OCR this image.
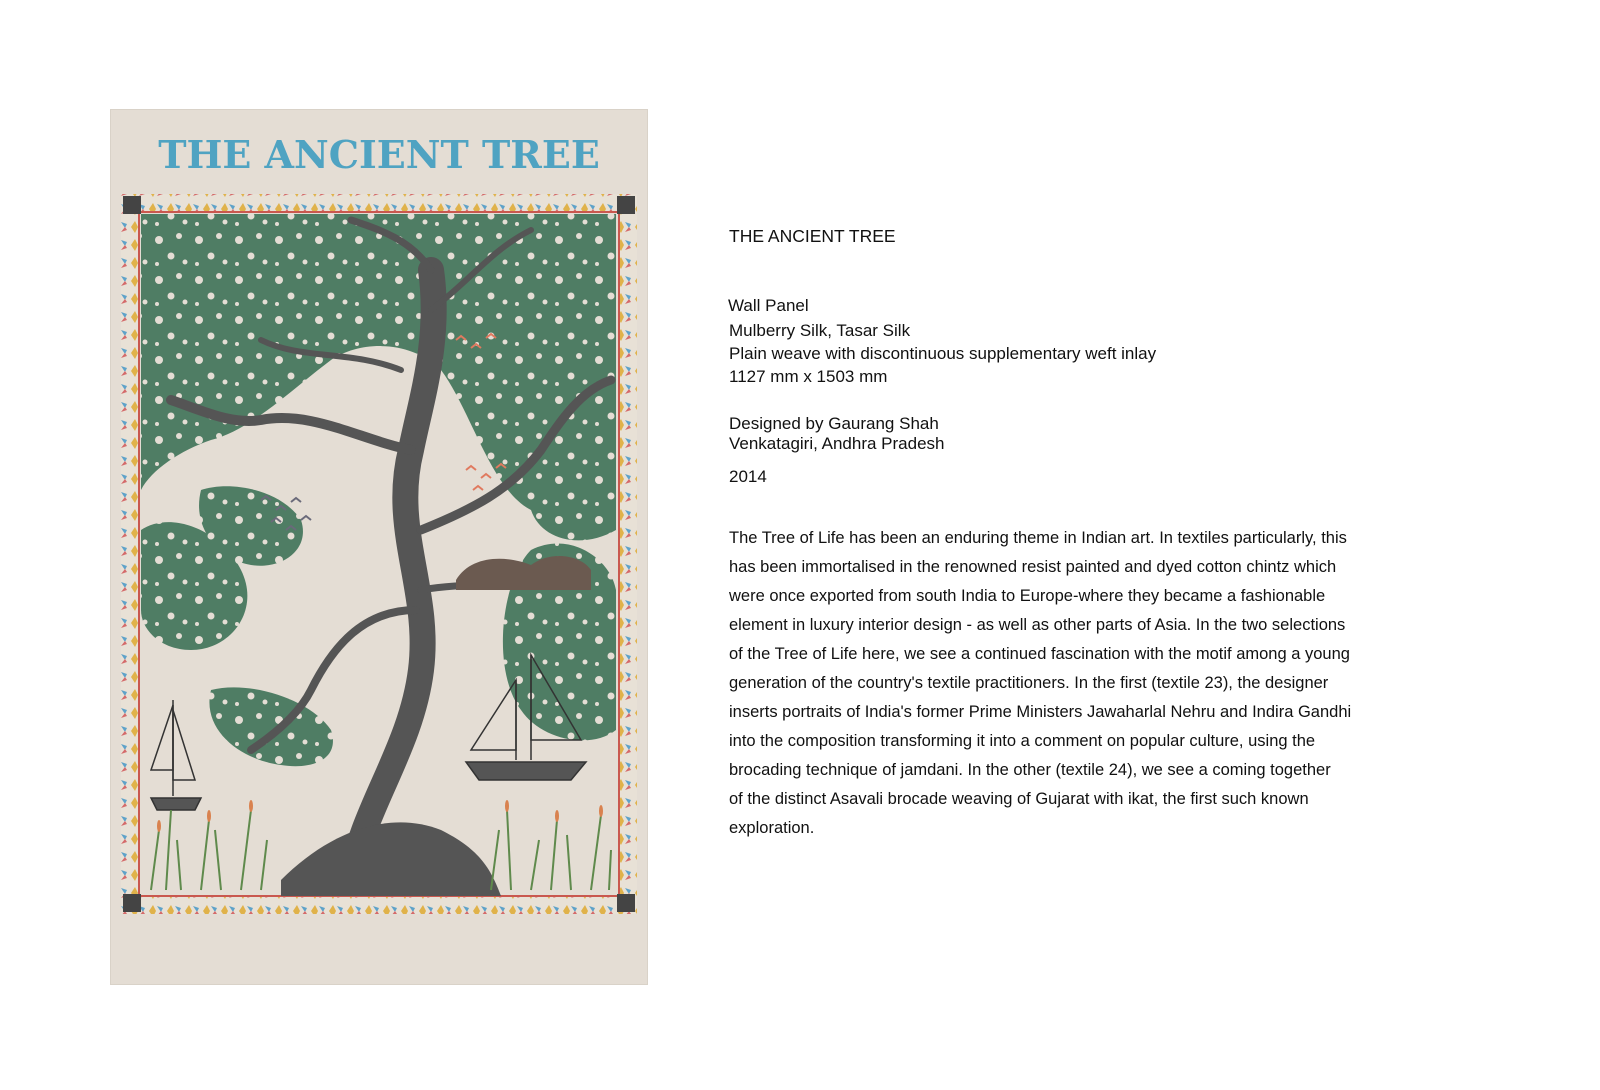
THE ANCIENT TREE
THE ANCIENT TREE
Wall Panel
Mulberry Silk, Tasar Silk
Plain weave with discontinuous supplementary weft inlay
1127 mm x 1503 mm
Designed by Gaurang Shah
Venkatagiri, Andhra Pradesh
2014
The Tree of Life has been an enduring theme in Indian art. In textiles particularly, this
has been immortalised in the renowned resist painted and dyed cotton chintz which
were once exported from south India to Europe-where they became a fashionable
element in luxury interior design - as well as other parts of Asia. In the two selections
of the Tree of Life here, we see a continued fascination with the motif among a young
generation of the country's textile practitioners. In the first (textile 23), the designer
inserts portraits of India's former Prime Ministers Jawaharlal Nehru and Indira Gandhi
into the composition transforming it into a comment on popular culture, using the
brocading technique of jamdani. In the other (textile 24), we see a coming together
of the distinct Asavali brocade weaving of Gujarat with ikat, the first such known
exploration.
